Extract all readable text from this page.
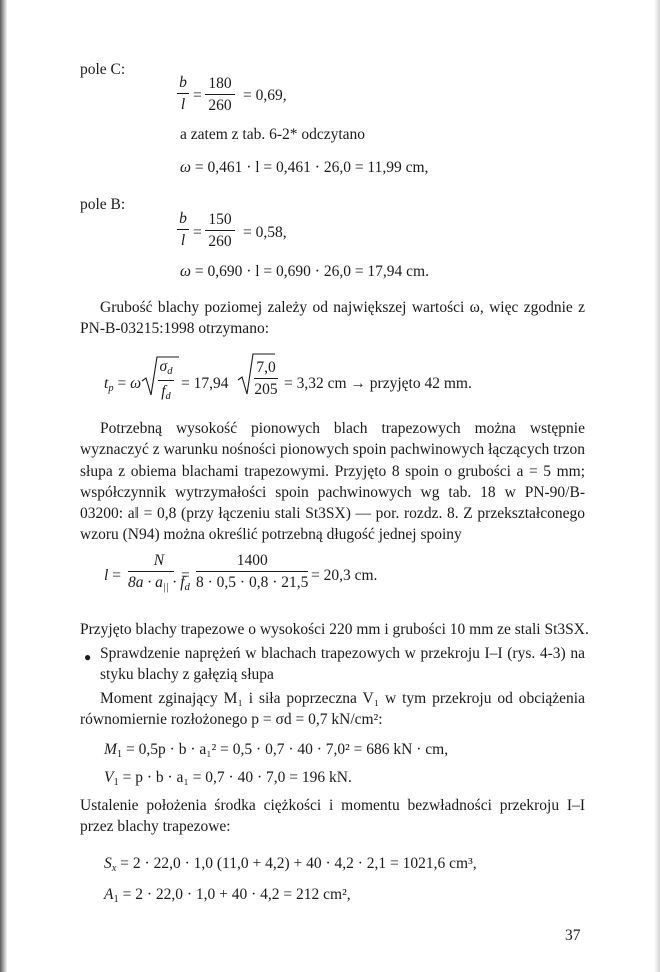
pole C:
b
l =
180
260
= 0,69,
a zatem z tab. 6-2* odczytano
ω = 0,461 · l = 0,461 · 26,0 = 11,99 cm,
pole B:
b
l =
150
260 = 0,58,
ω = 0,690 · l = 0,690 · 26,0 = 17,94 cm.
Grubość blachy poziomej zależy od największej wartości ω, więc zgodnie z PN-B-03215:1998 otrzymano:
$t_p = \omega$
$\sigma_d$
$f_d$
= 17,94
7,0
205 = 3,32 cm → przyjęto 42 mm.
Potrzebną wysokość pionowych blach trapezowych można wstępnie wyznaczyć z warunku nośności pionowych spoin pachwinowych łączących trzon słupa z obiema blachami trapezowymi. Przyjęto 8 spoin o grubości a = 5 mm; współczynnik wytrzymałości spoin pachwinowych wg tab. 18 w PN-90/B-03200: a‖ = 0,8 (przy łączeniu stali St3SX) — por. rozdz. 8. Z przekształconego wzoru (N94) można określić potrzebną długość jednej spoiny
l =
N
$8a \cdot a_{||} \cdot f_d$
=
1400
8 · 0,5 · 0,8 · 21,5 = 20,3 cm.
Przyjęto blachy trapezowe o wysokości 220 mm i grubości 10 mm ze stali St3SX.
● Sprawdzenie naprężeń w blachach trapezowych w przekroju I–I (rys. 4-3) na styku blachy z gałęzią słupa
Moment zginający M₁ i siła poprzeczna V₁ w tym przekroju od obciążenia równomiernie rozłożonego p = σd = 0,7 kN/cm²:
$M_1 = 0,5p \cdot b \cdot a_1^2 = 0,5 \cdot 0,7 \cdot 40 \cdot 7,0^2 = 686$ kN · cm,
$V_1 = p \cdot b \cdot a_1 = 0,7 \cdot 40 \cdot 7,0 = 196$ kN.
Ustalenie położenia środka ciężkości i momentu bezwładności przekroju I–I przez blachy trapezowe:
$S_x = 2 \cdot 22,0 \cdot 1,0$ (11,0 + 4,2) + 40 · 4,2 · 2,1 = 1021,6 cm³,
$A_1 = 2 \cdot 22,0 \cdot 1,0 + 40 \cdot 4,2 = 212$ cm²,
37
